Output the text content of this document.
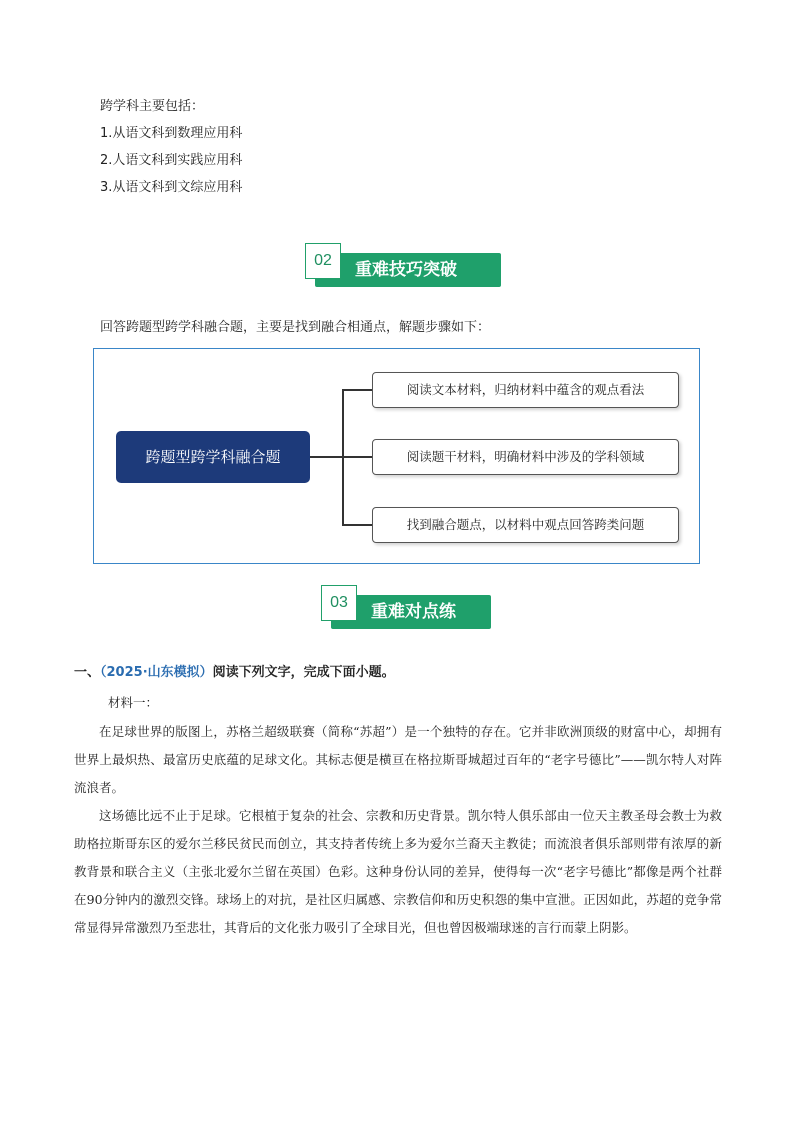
跨学科主要包括：
1.从语文科到数理应用科
2.人语文科到实践应用科
3.从语文科到文综应用科
02	重难技巧突破
回答跨题型跨学科融合题，主要是找到融合相通点，解题步骤如下：
跨题型跨学科融合题
阅读文本材料，归纳材料中蕴含的观点看法
阅读题干材料，明确材料中涉及的学科领域
找到融合题点，以材料中观点回答跨类问题
03	重难对点练
一、（2025·山东模拟）阅读下列文字，完成下面小题。
材料一：

在足球世界的版图上，苏格兰超级联赛（简称“苏超”）是一个独特的存在。它并非欧洲顶级的财富中心，却拥有世界上最炽热、最富历史底蕴的足球文化。其标志便是横亘在格拉斯哥城超过百年的“老字号德比”——凯尔特人对阵流浪者。

这场德比远不止于足球。它根植于复杂的社会、宗教和历史背景。凯尔特人俱乐部由一位天主教圣母会教士为救助格拉斯哥东区的爱尔兰移民贫民而创立，其支持者传统上多为爱尔兰裔天主教徒；而流浪者俱乐部则带有浓厚的新教背景和联合主义（主张北爱尔兰留在英国）色彩。这种身份认同的差异，使得每一次“老字号德比”都像是两个社群在90分钟内的激烈交锋。球场上的对抗，是社区归属感、宗教信仰和历史积怨的集中宣泄。正因如此，苏超的竞争常常显得异常激烈乃至悲壮，其背后的文化张力吸引了全球目光，但也曾因极端球迷的言行而蒙上阴影。
